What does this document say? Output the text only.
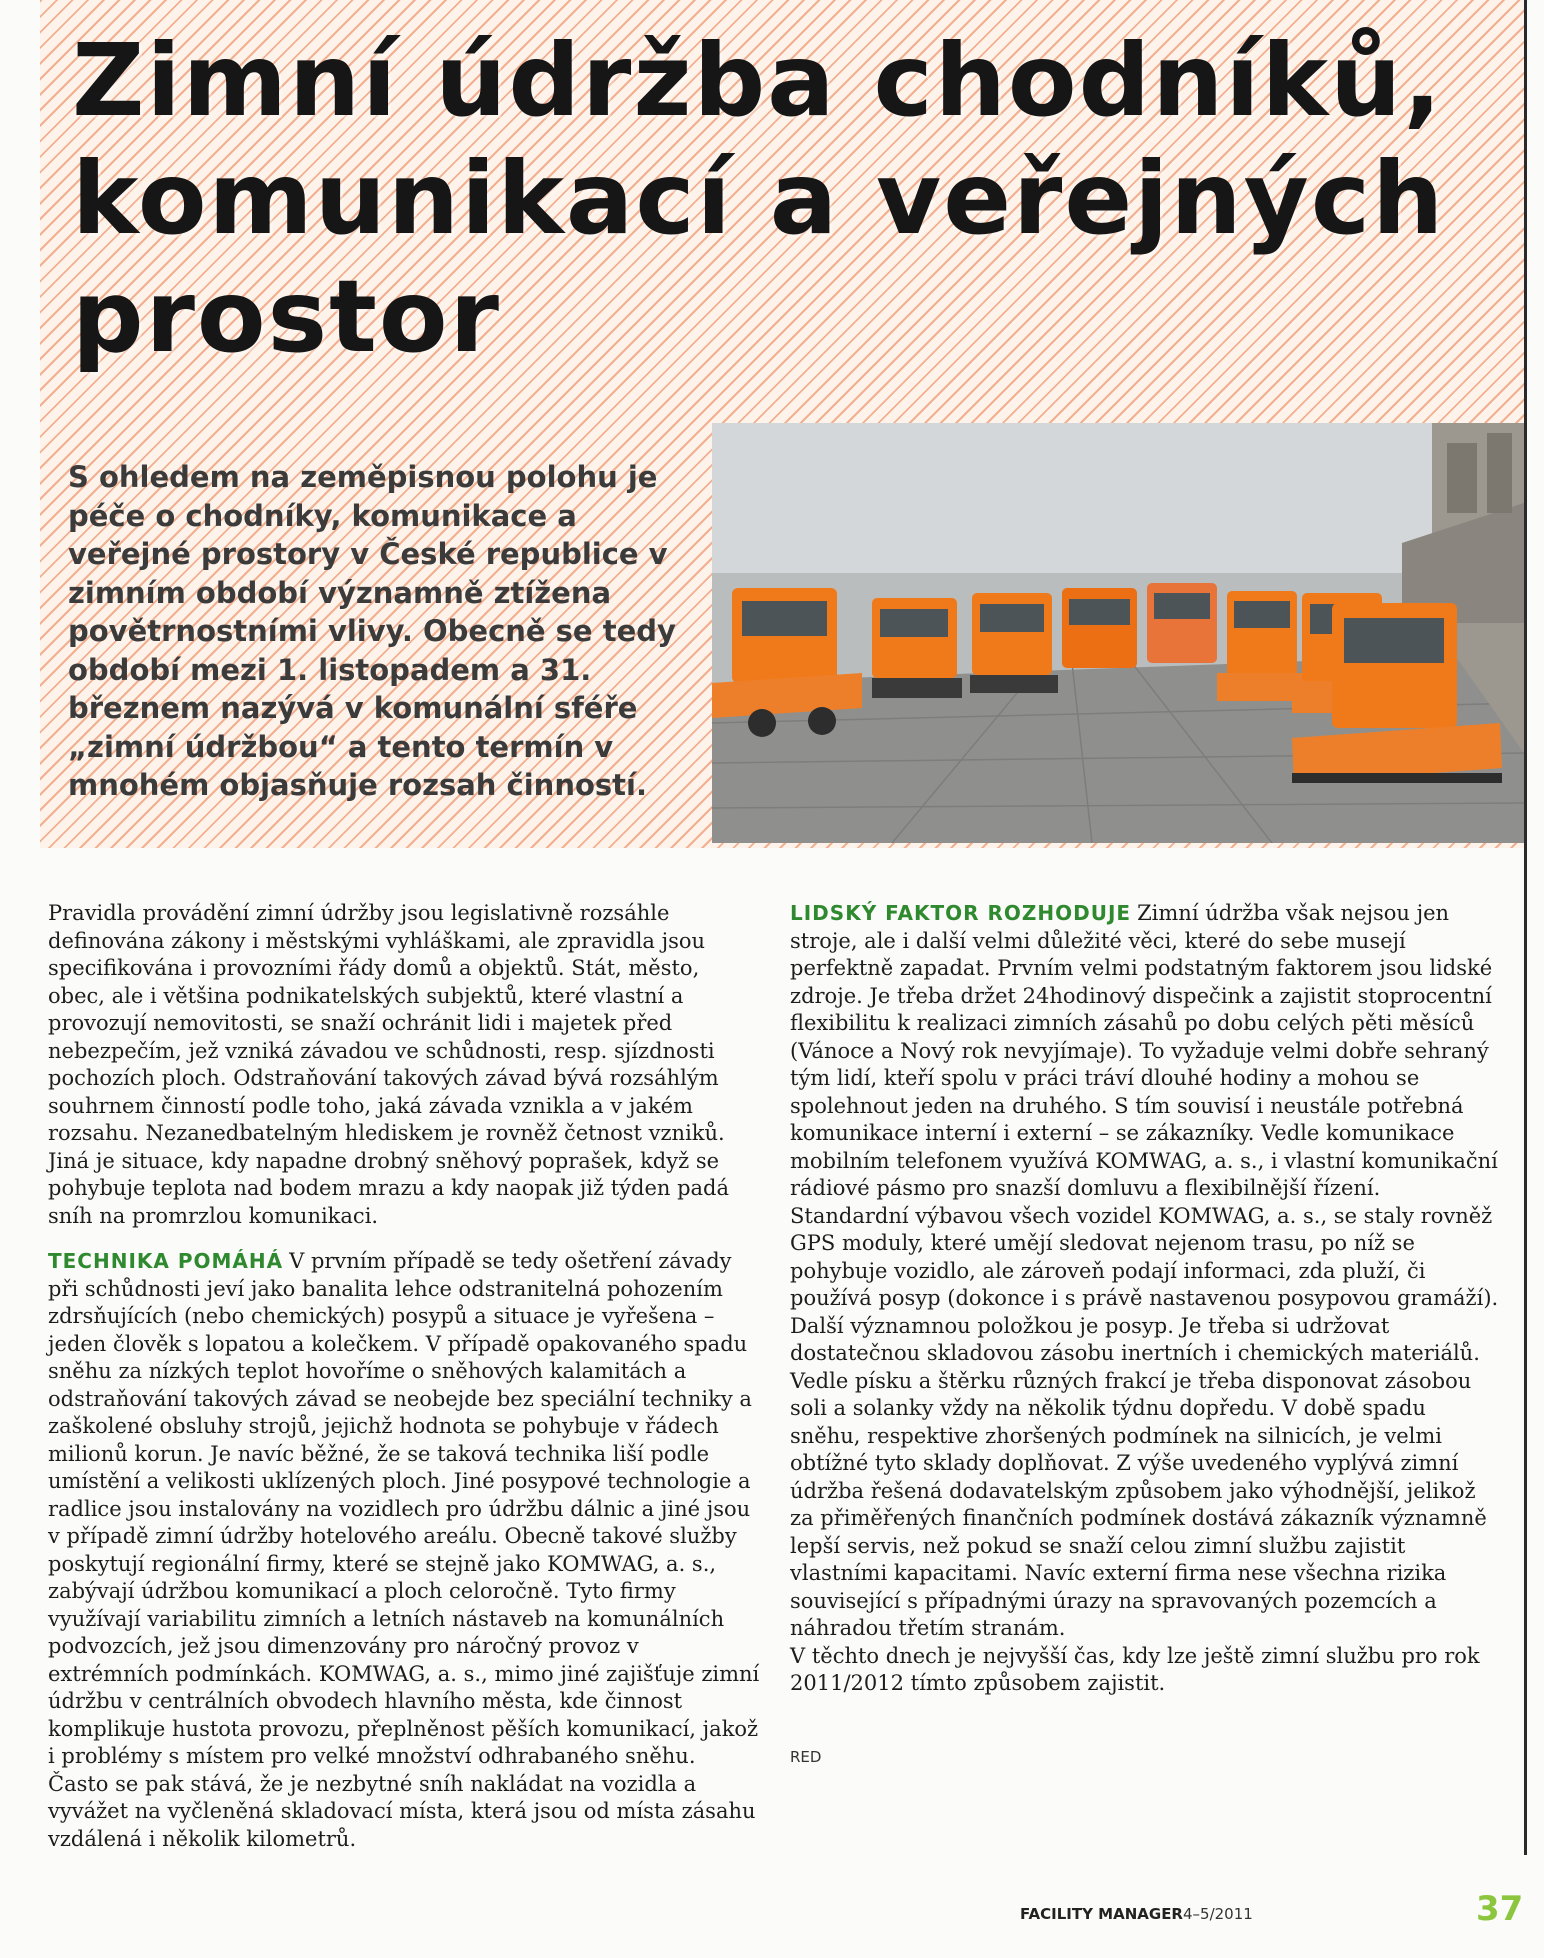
Zimní údržba chodníků, komunikací a veřejných prostor

S ohledem na zeměpisnou polohu je péče o chodníky, komunikace a veřejné prostory v České republice v zimním období významně ztížena povětrnostními vlivy. Obecně se tedy období mezi 1. listopadem a 31. březnem nazývá v komunální sféře „zimní údržbou“ a tento termín v mnohém objasňuje rozsah činností.

Pravidla provádění zimní údržby jsou legislativně rozsáhle definována zákony i městskými vyhláškami, ale zpravidla jsou specifikována i provozními řády domů a objektů. Stát, město, obec, ale i většina podnikatelských subjektů, které vlastní a provozují nemovitosti, se snaží ochránit lidi i majetek před nebezpečím, jež vzniká závadou ve schůdnosti, resp. sjízdnosti pochozích ploch. Odstraňování takových závad bývá rozsáhlým souhrnem činností podle toho, jaká závada vznikla a v jakém rozsahu. Nezanedbatelným hlediskem je rovněž četnost vzniků. Jiná je situace, kdy napadne drobný sněhový poprašek, když se pohybuje teplota nad bodem mrazu a kdy naopak již týden padá sníh na promrzlou komunikaci.

TECHNIKA POMÁHÁ V prvním případě se tedy ošetření závady při schůdnosti jeví jako banalita lehce odstranitelná pohozením zdrsňujících (nebo chemických) posypů a situace je vyřešena – jeden člověk s lopatou a kolečkem. V případě opakovaného spadu sněhu za nízkých teplot hovoříme o sněhových kalamitách a odstraňování takových závad se neobejde bez speciální techniky a zaškolené obsluhy strojů, jejichž hodnota se pohybuje v řádech milionů korun. Je navíc běžné, že se taková technika liší podle umístění a velikosti uklízených ploch. Jiné posypové technologie a radlice jsou instalovány na vozidlech pro údržbu dálnic a jiné jsou v případě zimní údržby hotelového areálu. Obecně takové služby poskytují regionální firmy, které se stejně jako KOMWAG, a. s., zabývají údržbou komunikací a ploch celoročně. Tyto firmy využívají variabilitu zimních a letních nástaveb na komunálních podvozcích, jež jsou dimenzovány pro náročný provoz v extrémních podmínkách. KOMWAG, a. s., mimo jiné zajišťuje zimní údržbu v centrálních obvodech hlavního města, kde činnost komplikuje hustota provozu, přeplněnost pěších komunikací, jakož i problémy s místem pro velké množství odhrabaného sněhu. Často se pak stává, že je nezbytné sníh nakládat na vozidla a vyvážet na vyčleněná skladovací místa, která jsou od místa zásahu vzdálená i několik kilometrů.

LIDSKÝ FAKTOR ROZHODUJE Zimní údržba však nejsou jen stroje, ale i další velmi důležité věci, které do sebe musejí perfektně zapadat. Prvním velmi podstatným faktorem jsou lidské zdroje. Je třeba držet 24hodinový dispečink a zajistit stoprocentní flexibilitu k realizaci zimních zásahů po dobu celých pěti měsíců (Vánoce a Nový rok nevyjímaje). To vyžaduje velmi dobře sehraný tým lidí, kteří spolu v práci tráví dlouhé hodiny a mohou se spolehnout jeden na druhého. S tím souvisí i neustále potřebná komunikace interní i externí – se zákazníky. Vedle komunikace mobilním telefonem využívá KOMWAG, a. s., i vlastní komunikační rádiové pásmo pro snazší domluvu a flexibilnější řízení. Standardní výbavou všech vozidel KOMWAG, a. s., se staly rovněž GPS moduly, které umějí sledovat nejenom trasu, po níž se pohybuje vozidlo, ale zároveň podají informaci, zda pluží, či používá posyp (dokonce i s právě nastavenou posypovou gramáží).

Další významnou položkou je posyp. Je třeba si udržovat dostatečnou skladovou zásobu inertních i chemických materiálů. Vedle písku a štěrku různých frakcí je třeba disponovat zásobou soli a solanky vždy na několik týdnu dopředu. V době spadu sněhu, respektive zhoršených podmínek na silnicích, je velmi obtížné tyto sklady doplňovat. Z výše uvedeného vyplývá zimní údržba řešená dodavatelským způsobem jako výhodnější, jelikož za přiměřených finančních podmínek dostává zákazník významně lepší servis, než pokud se snaží celou zimní službu zajistit vlastními kapacitami. Navíc externí firma nese všechna rizika související s případnými úrazy na spravovaných pozemcích a náhradou třetím stranám.

V těchto dnech je nejvyšší čas, kdy lze ještě zimní službu pro rok 2011/2012 tímto způsobem zajistit.

RED
FACILITY MANAGER 4–5/2011	37
